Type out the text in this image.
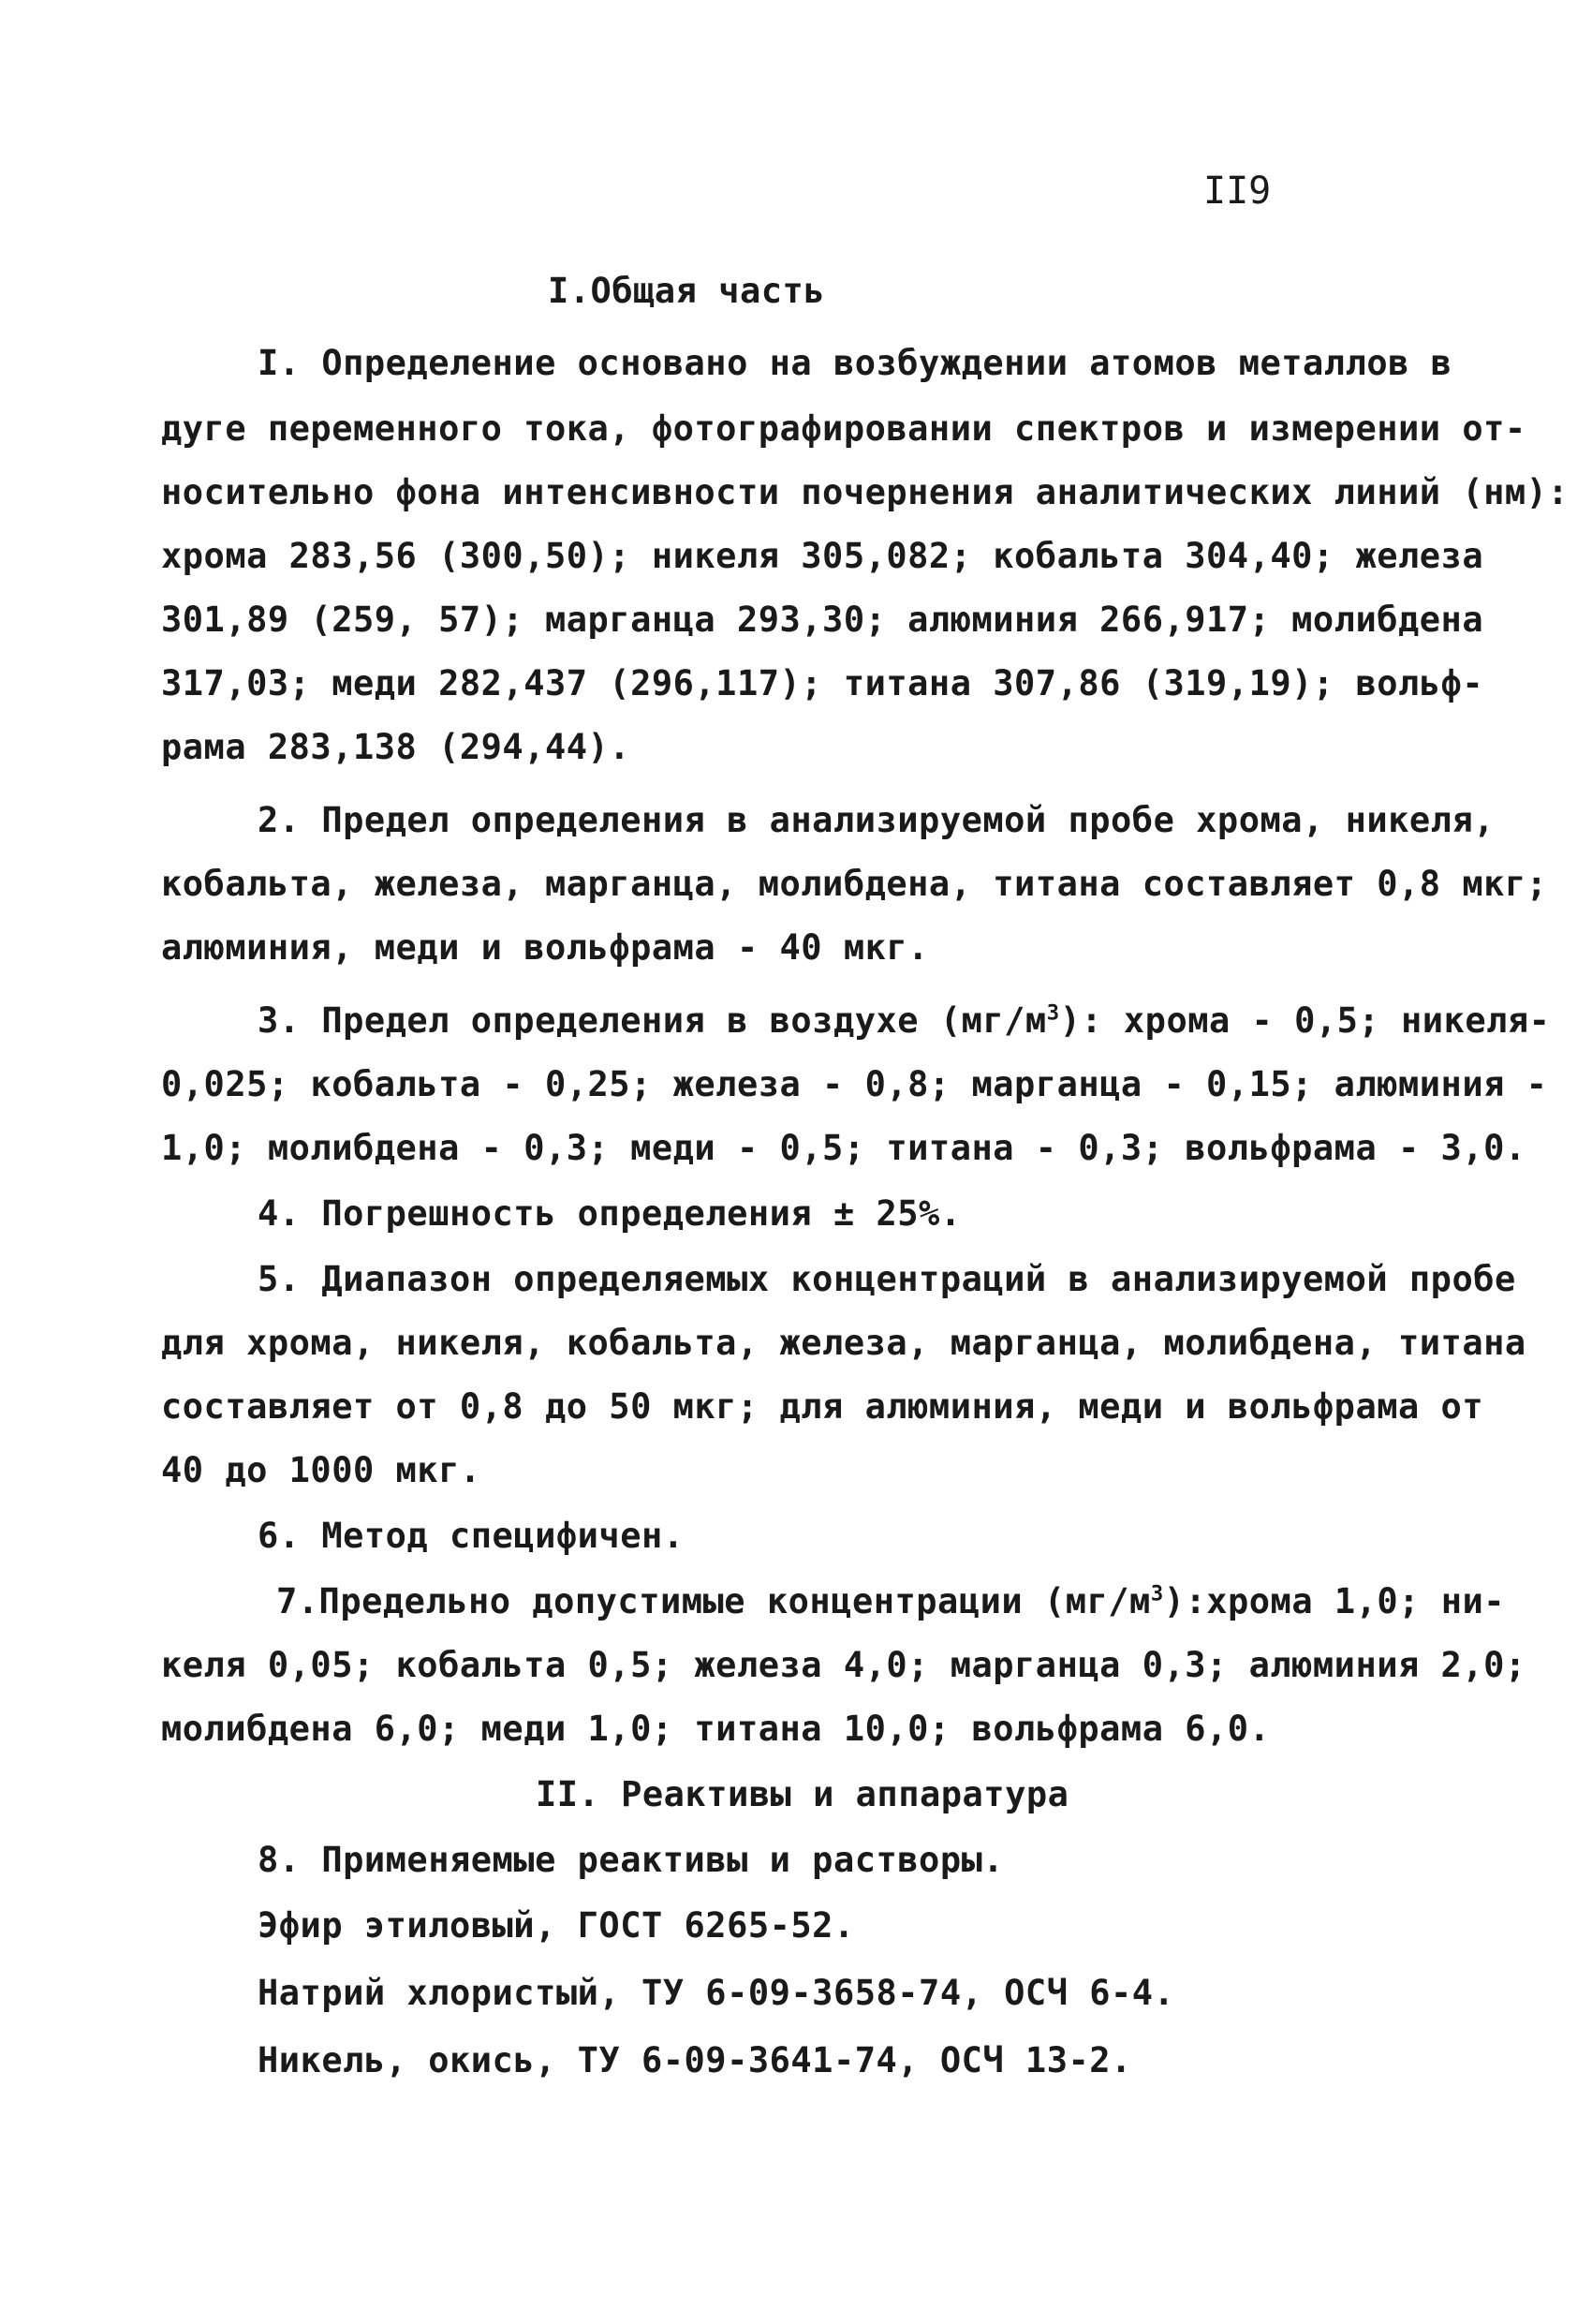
II9
I.Общая часть
I. Определение основано на возбуждении атомов металлов в
дуге переменного тока, фотографировании спектров и измерении от-
носительно фона интенсивности почернения аналитических линий (нм):
хрома 283,56 (300,50); никеля 305,082; кобальта 304,40; железа
301,89 (259, 57); марганца 293,30; алюминия 266,917; молибдена
317,03; меди 282,437 (296,117); титана 307,86 (319,19); вольф-
рама 283,138 (294,44).
2. Предел определения в анализируемой пробе хрома, никеля,
кобальта, железа, марганца, молибдена, титана составляет 0,8 мкг;
алюминия, меди и вольфрама - 40 мкг.
3. Предел определения в воздухе $(мг/м^3)$: хрома - 0,5; никеля-
0,025; кобальта - 0,25; железа - 0,8; марганца - 0,15; алюминия -
1,0; молибдена - 0,3; меди - 0,5; титана - 0,3; вольфрама - 3,0.
4. Погрешность определения ± 25%.
5. Диапазон определяемых концентраций в анализируемой пробе
для хрома, никеля, кобальта, железа, марганца, молибдена, титана
составляет от 0,8 до 50 мкг; для алюминия, меди и вольфрама от
40 до 1000 мкг.
6. Метод специфичен.
7.Предельно допустимые концентрации $(мг/м^3):хрома$ 1,0; ни-
келя 0,05; кобальта 0,5; железа 4,0; марганца 0,3; алюминия 2,0;
молибдена 6,0; меди 1,0; титана 10,0; вольфрама 6,0.
II. Реактивы и аппаратура
8. Применяемые реактивы и растворы.
Эфир этиловый, ГОСТ 6265-52.
Натрий хлористый, ТУ 6-09-3658-74, ОСЧ 6-4.
Никель, окись, ТУ 6-09-3641-74, ОСЧ 13-2.
